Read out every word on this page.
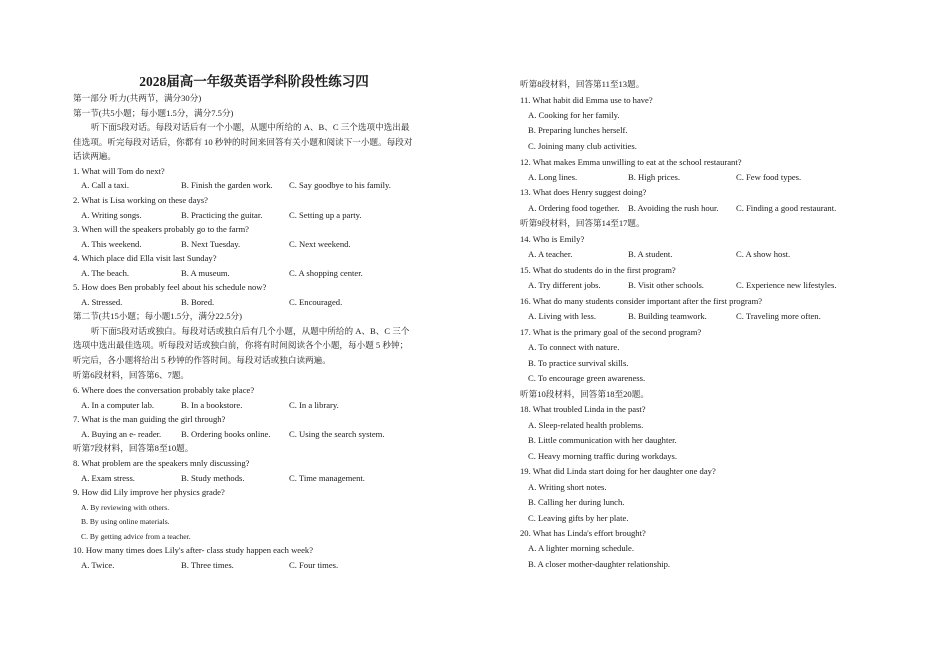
2028届高一年级英语学科阶段性练习四
第一部分 听力(共两节，满分30分)
第一节(共5小题；每小题1.5分，满分7.5分)
听下面5段对话。每段对话后有一个小题，从题中所给的 A、B、C 三个选项中选出最
佳选项。听完每段对话后，你都有 10 秒钟的时间来回答有关小题和阅读下一小题。每段对
话读两遍。
1. What will Tom do next?
A. Call a taxi.	B. Finish the garden work. C. Say goodbye to his family.
2. What is Lisa working on these days?
A. Writing songs.	B. Practicing the guitar.	C. Setting up a party.
3. When will the speakers probably go to the farm?
A. This weekend.	B. Next Tuesday.	C. Next weekend.
4. Which place did Ella visit last Sunday?
A. The beach.	B. A museum.	C. A shopping center.
5. How does Ben probably feel about his schedule now?
A. Stressed.	B. Bored.	C. Encouraged.
第二节(共15小题；每小题1.5分，满分22.5分)
听下面5段对话或独白。每段对话或独白后有几个小题，从题中所给的 A、B、C 三个
选项中选出最佳选项。听每段对话或独白前，你将有时间阅读各个小题，每小题 5 秒钟；
听完后，各小题将给出 5 秒钟的作答时间。每段对话或独白读两遍。
听第6段材料，回答第6、7题。
6. Where does the conversation probably take place?
A. In a computer lab.	B. In a bookstore.	C. In a library.
7. What is the man guiding the girl through?
A. Buying an e- reader. B. Ordering books online. C. Using the search system.
听第7段材料，回答第8至10题。
8. What problem are the speakers mnly discussing?
A. Exam stress.	B. Study methods.	C. Time management.
9. How did Lily improve her physics grade?
A. By reviewing with others.
B. By using online materials.
C. By getting advice from a teacher.
10. How many times does Lily's after- class study happen each week?
A. Twice.	B. Three times.	C. Four times.
听第8段材料，回答第11至13题。
11. What habit did Emma use to have?
A. Cooking for her family.
B. Preparing lunches herself.
C. Joining many club activities.
12. What makes Emma unwilling to eat at the school restaurant?
A. Long lines.	B. High prices.	C. Few food types.
13. What does Henry suggest doing?
A. Ordering food together. B. Avoiding the rush hour. C. Finding a good restaurant.
听第9段材料，回答第14至17题。
14. Who is Emily?
A. A teacher.	B. A student.	C. A show host.
15. What do students do in the first program?
A. Try different jobs.	B. Visit other schools.	C. Experience new lifestyles.
16. What do many students consider important after the first program?
A. Living with less.	B. Building teamwork.	C. Traveling more often.
17. What is the primary goal of the second program?
A. To connect with nature.
B. To practice survival skills.
C. To encourage green awareness.
听第10段材料，回答第18至20题。
18. What troubled Linda in the past?
A. Sleep-related health problems.
B. Little communication with her daughter.
C. Heavy morning traffic during workdays.
19. What did Linda start doing for her daughter one day?
A. Writing short notes.
B. Calling her during lunch.
C. Leaving gifts by her plate.
20. What has Linda's effort brought?
A. A lighter morning schedule.
B. A closer mother-daughter relationship.
